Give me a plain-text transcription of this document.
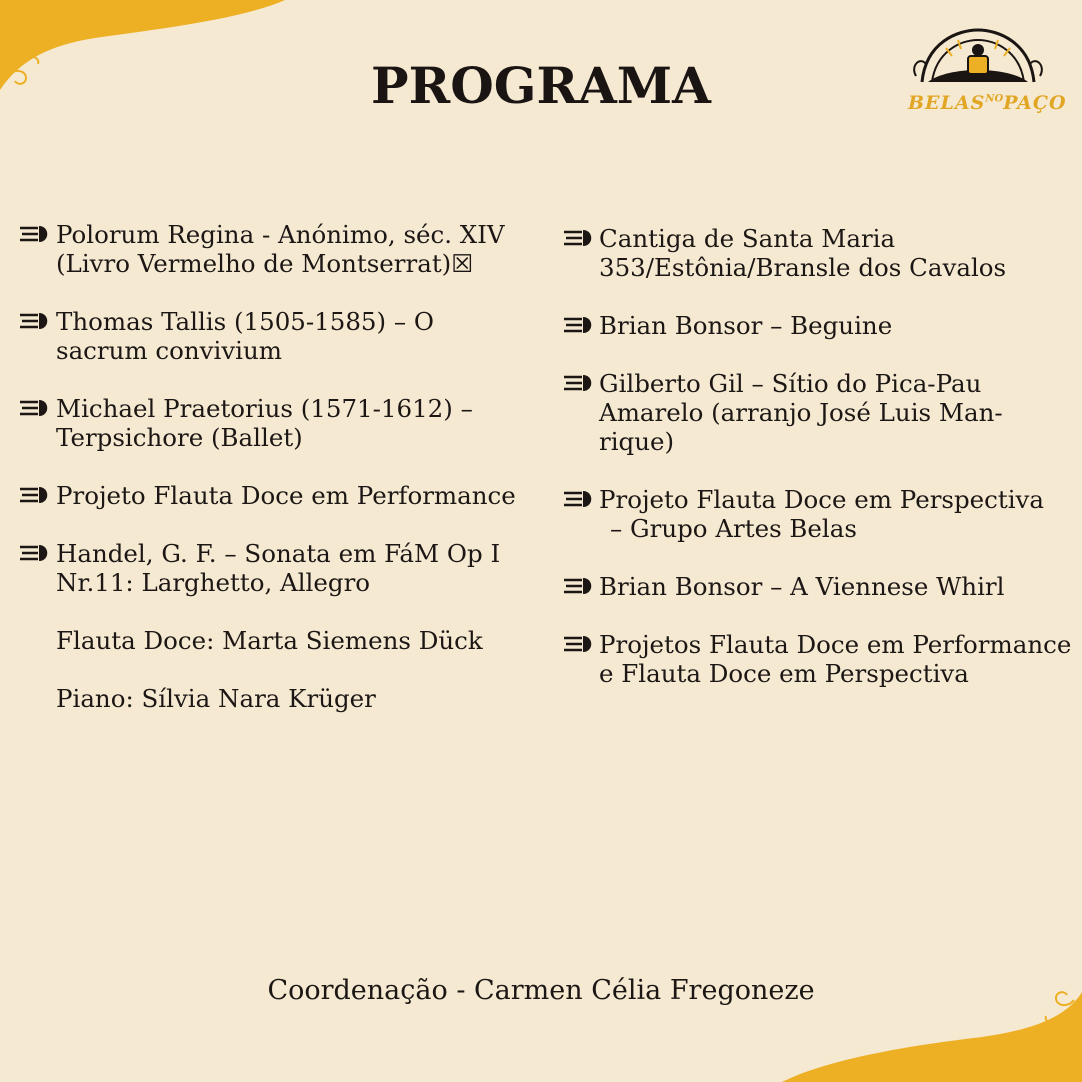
PROGRAMA	$BELAS^{NO}PAÇO$
Polorum Regina - Anónimo, séc. XIV
(Livro Vermelho de Montserrat)☒
Thomas Tallis (1505-1585) – O
sacrum convivium
Michael Praetorius (1571-1612) –
Terpsichore (Ballet)
Projeto Flauta Doce em Performance
Handel, G. F. – Sonata em FáM Op I
Nr.11: Larghetto, Allegro
Flauta Doce: Marta Siemens Dück
Piano: Sílvia Nara Krüger
Cantiga de Santa Maria
353/Estônia/Bransle dos Cavalos
Brian Bonsor – Beguine
Gilberto Gil – Sítio do Pica-Pau
Amarelo (arranjo José Luis Man-
rique)
Projeto Flauta Doce em Perspectiva
– Grupo Artes Belas
Brian Bonsor – A Viennese Whirl
Projetos Flauta Doce em Performance
e Flauta Doce em Perspectiva
Coordenação - Carmen Célia Fregoneze
